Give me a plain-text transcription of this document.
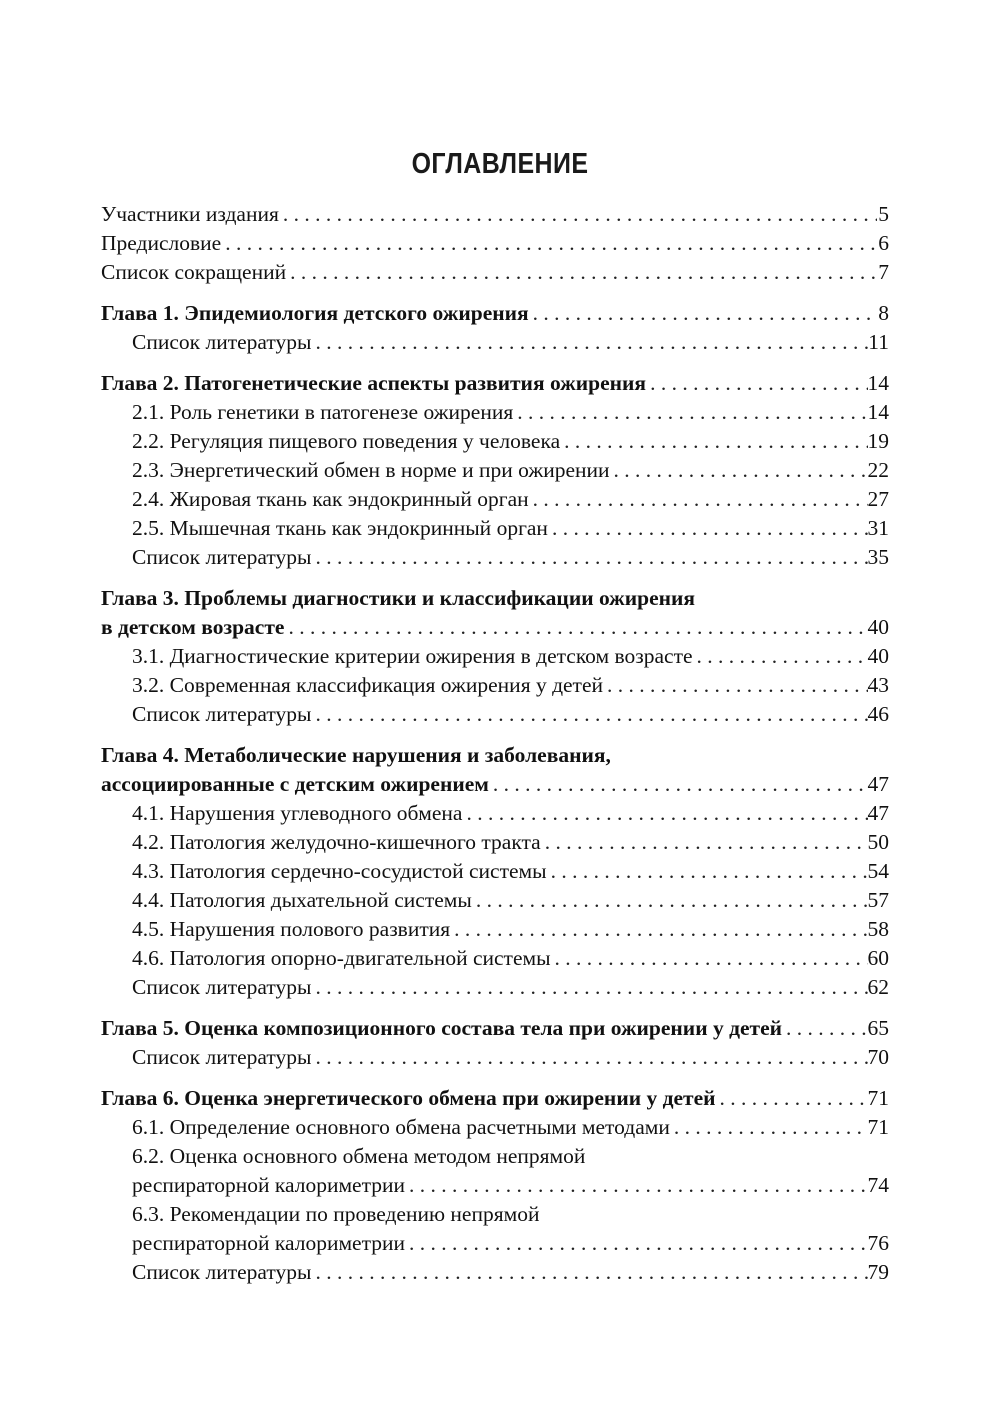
ОГЛАВЛЕНИЕ
Участники издания . . .	5
Предисловие . . .	6
Список сокращений . . .	7
Глава 1. Эпидемиология детского ожирения . . .	8
Список литературы . . .	11
Глава 2. Патогенетические аспекты развития ожирения . . .	14
2.1. Роль генетики в патогенезе ожирения . . .	14
2.2. Регуляция пищевого поведения у человека . . .	19
2.3. Энергетический обмен в норме и при ожирении . . .	22
2.4. Жировая ткань как эндокринный орган . . .	27
2.5. Мышечная ткань как эндокринный орган . . .	31
Список литературы . . .	35
Глава 3. Проблемы диагностики и классификации ожирения
в детском возрасте . . .	40
3.1. Диагностические критерии ожирения в детском возрасте . . .	40
3.2. Современная классификация ожирения у детей . . .	43
Список литературы . . .	46
Глава 4. Метаболические нарушения и заболевания,
ассоциированные с детским ожирением . . .	47
4.1. Нарушения углеводного обмена . . .	47
4.2. Патология желудочно-кишечного тракта . . .	50
4.3. Патология сердечно-сосудистой системы . . .	54
4.4. Патология дыхательной системы . . .	57
4.5. Нарушения полового развития . . .	58
4.6. Патология опорно-двигательной системы . . .	60
Список литературы . . .	62
Глава 5. Оценка композиционного состава тела при ожирении у детей . . .	65
Список литературы . . .	70
Глава 6. Оценка энергетического обмена при ожирении у детей . . .	71
6.1. Определение основного обмена расчетными методами . . .	71
6.2. Оценка основного обмена методом непрямой
респираторной калориметрии . . .	74
6.3. Рекомендации по проведению непрямой
респираторной калориметрии . . .	76
Список литературы . . .	79
